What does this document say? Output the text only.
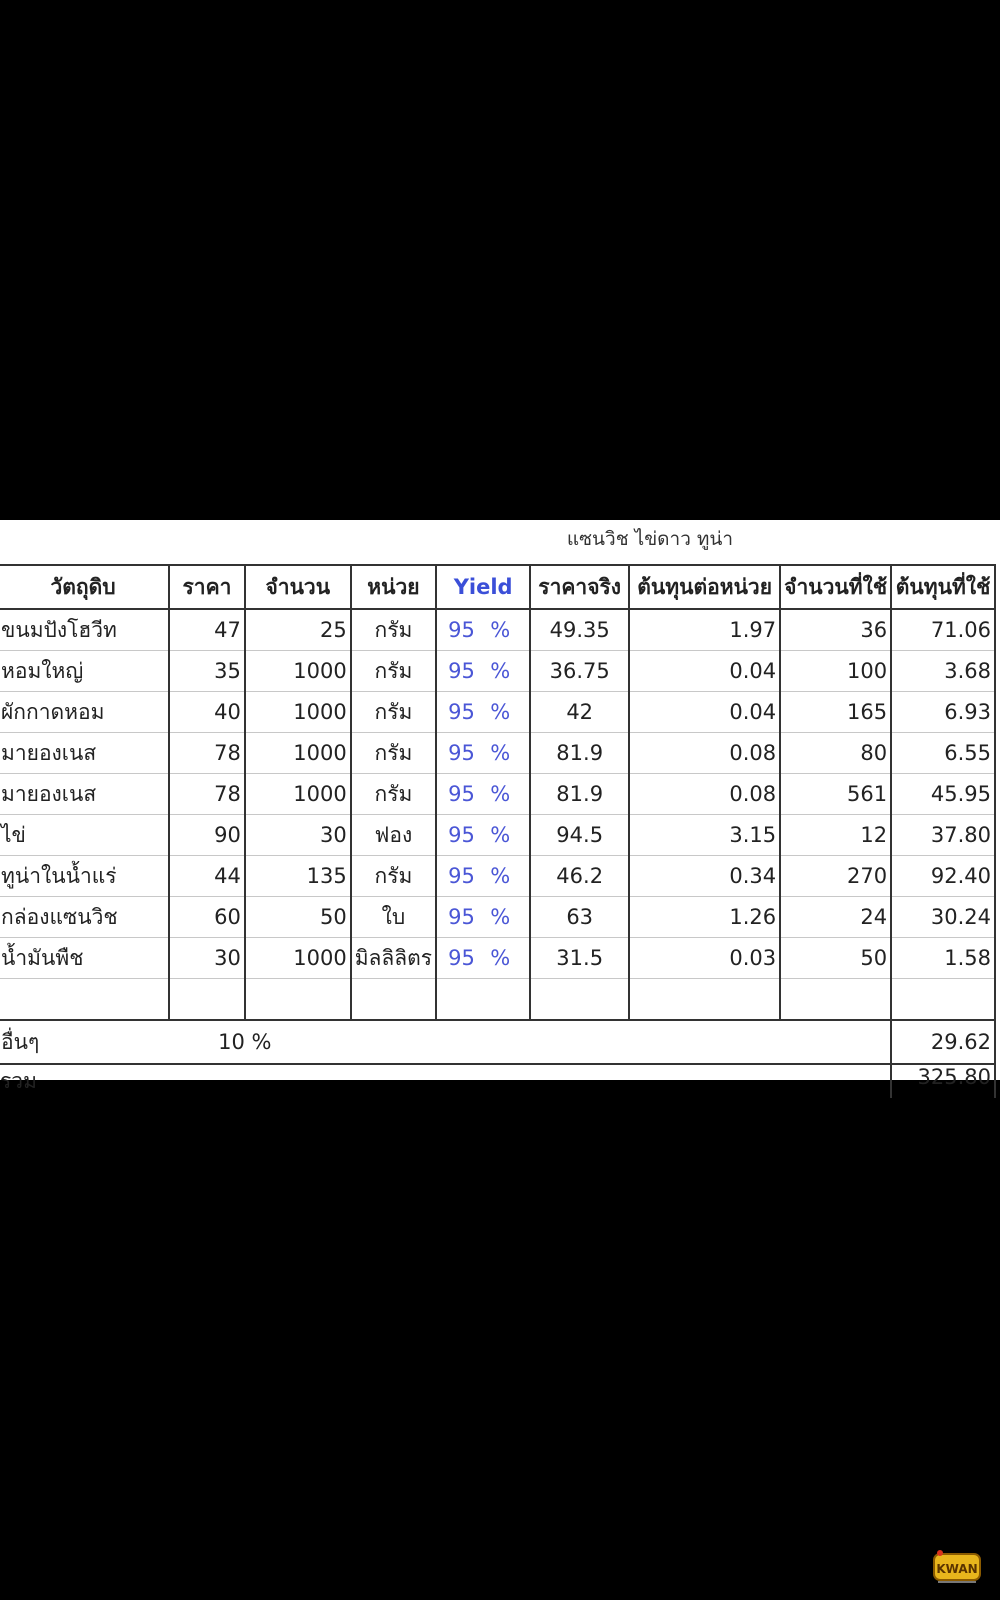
แซนวิช ไข่ดาว ทูน่า
วัตถุดิบ	ราคา	จำนวน	หน่วย	Yield	ราคาจริง	ต้นทุนต่อหน่วย	จำนวนที่ใช้	ต้นทุนที่ใช้
ขนมปังโฮวีท	47	25	กรัม	95 %	49.35	1.97	36	71.06
หอมใหญ่	35	1000	กรัม	95 %	36.75	0.04	100	3.68
ผักกาดหอม	40	1000	กรัม	95 %	42	0.04	165	6.93
มายองเนส	78	1000	กรัม	95 %	81.9	0.08	80	6.55
มายองเนส	78	1000	กรัม	95 %	81.9	0.08	561	45.95
ไข่	90	30	ฟอง	95 %	94.5	3.15	12	37.80
ทูน่าในน้ำแร่	44	135	กรัม	95 %	46.2	0.34	270	92.40
กล่องแซนวิช	60	50	ใบ	95 %	63	1.26	24	30.24
น้ำมันพืช	30	1000	มิลลิลิตร	95 %	31.5	0.03	50	1.58

อื่นๆ	10 %							29.62
รวม								325.80
KWAN
